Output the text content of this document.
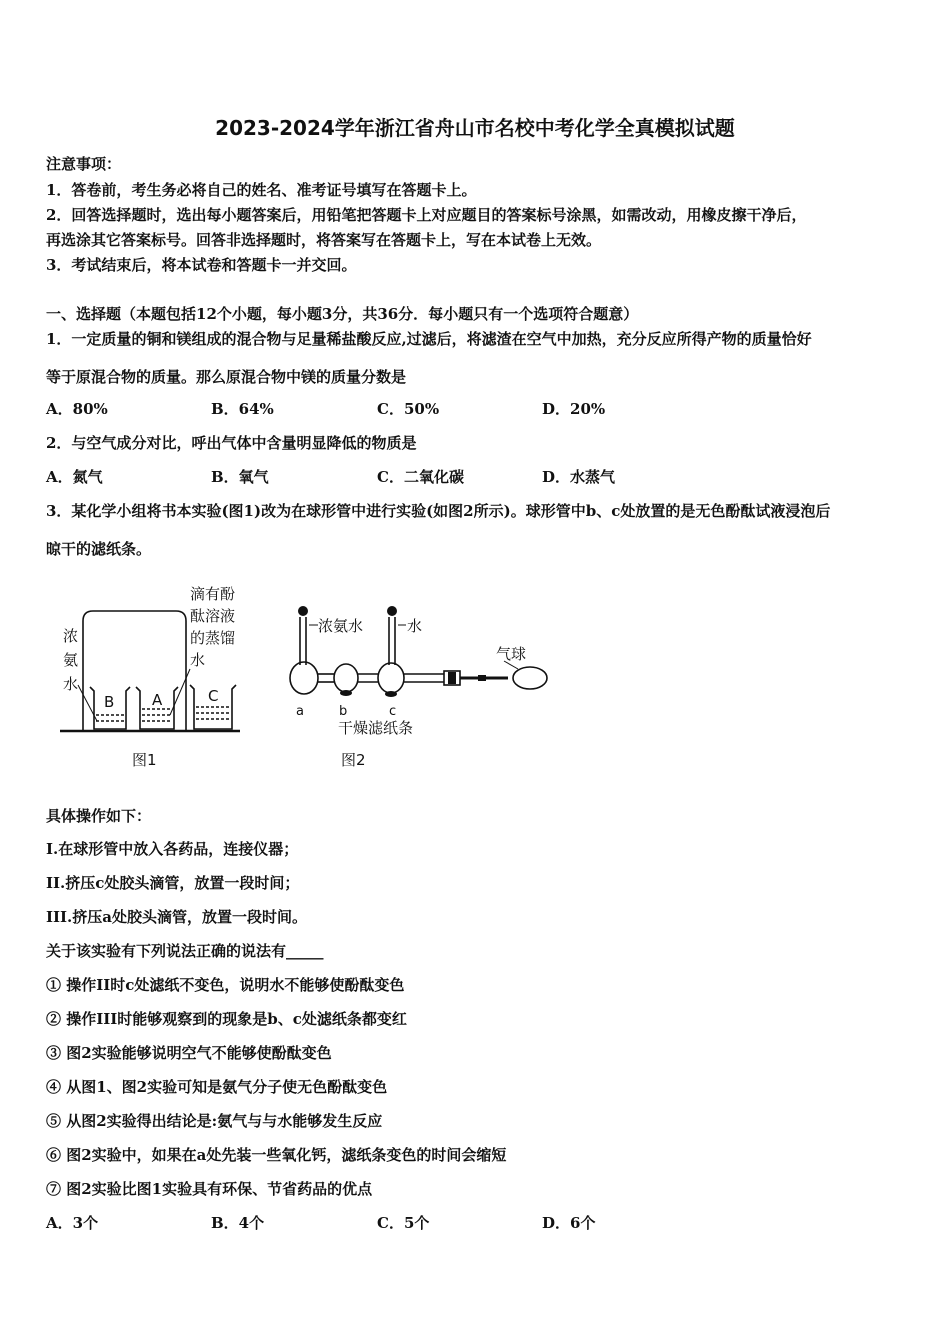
2023-2024学年浙江省舟山市名校中考化学全真模拟试题
注意事项：
1．答卷前，考生务必将自己的姓名、准考证号填写在答题卡上。
2．回答选择题时，选出每小题答案后，用铅笔把答题卡上对应题目的答案标号涂黑，如需改动，用橡皮擦干净后，
再选涂其它答案标号。回答非选择题时，将答案写在答题卡上，写在本试卷上无效。
3．考试结束后，将本试卷和答题卡一并交回。
一、选择题（本题包括12个小题，每小题3分，共36分．每小题只有一个选项符合题意）
1．一定质量的铜和镁组成的混合物与足量稀盐酸反应,过滤后，将滤渣在空气中加热，充分反应所得产物的质量恰好
等于原混合物的质量。那么原混合物中镁的质量分数是
A．80%	B．64%	C．50%	D．20%
2．与空气成分对比，呼出气体中含量明显降低的物质是
A．氮气	B．氧气	C．二氧化碳	D．水蒸气
3．某化学小组将书本实验(图1)改为在球形管中进行实验(如图2所示)。球形管中b、c处放置的是无色酚酞试液浸泡后
晾干的滤纸条。
浓
氨
水
滴有酚
酞溶液
的蒸馏
水
B	A	C
图1
浓氨水	水
气球
a	b	c
干燥滤纸条
图2
具体操作如下：
I.在球形管中放入各药品，连接仪器；
II.挤压c处胶头滴管，放置一段时间；
III.挤压a处胶头滴管，放置一段时间。
关于该实验有下列说法正确的说法有_____
① 操作II时c处滤纸不变色，说明水不能够使酚酞变色
② 操作III时能够观察到的现象是b、c处滤纸条都变红
③ 图2实验能够说明空气不能够使酚酞变色
④ 从图1、图2实验可知是氨气分子使无色酚酞变色
⑤ 从图2实验得出结论是:氨气与与水能够发生反应
⑥ 图2实验中，如果在a处先装一些氧化钙，滤纸条变色的时间会缩短
⑦ 图2实验比图1实验具有环保、节省药品的优点
A．3个	B．4个	C．5个	D．6个
